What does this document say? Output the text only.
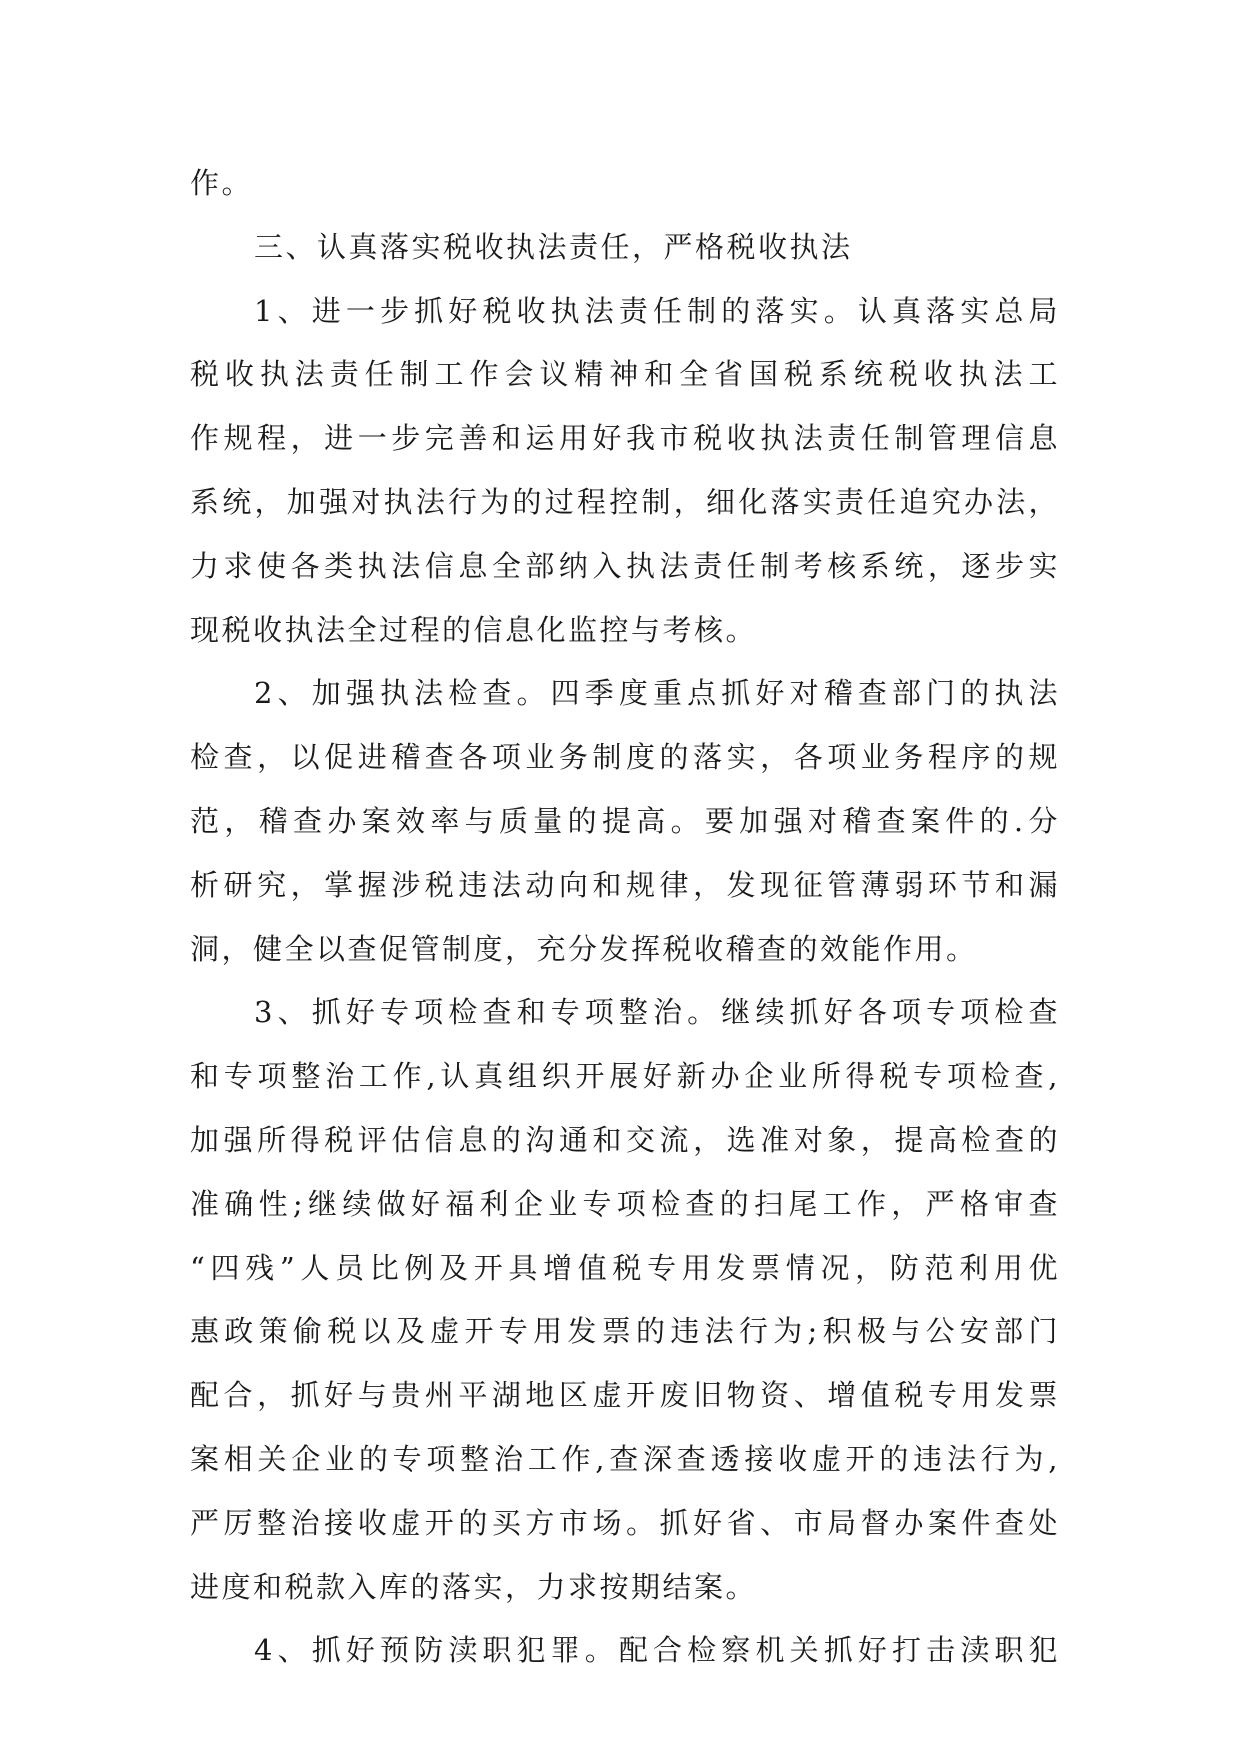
作。
三、认真落实税收执法责任，严格税收执法
1、进一步抓好税收执法责任制的落实。认真落实总局
税收执法责任制工作会议精神和全省国税系统税收执法工
作规程，进一步完善和运用好我市税收执法责任制管理信息
系统，加强对执法行为的过程控制，细化落实责任追究办法，
力求使各类执法信息全部纳入执法责任制考核系统，逐步实
现税收执法全过程的信息化监控与考核。
2、加强执法检查。四季度重点抓好对稽查部门的执法
检查，以促进稽查各项业务制度的落实，各项业务程序的规
范，稽查办案效率与质量的提高。要加强对稽查案件的.分
析研究，掌握涉税违法动向和规律，发现征管薄弱环节和漏
洞，健全以查促管制度，充分发挥税收稽查的效能作用。
3、抓好专项检查和专项整治。继续抓好各项专项检查
和专项整治工作,认真组织开展好新办企业所得税专项检查,
加强所得税评估信息的沟通和交流，选准对象，提高检查的
准确性;继续做好福利企业专项检查的扫尾工作，严格审查
“四残”人员比例及开具增值税专用发票情况，防范利用优
惠政策偷税以及虚开专用发票的违法行为;积极与公安部门
配合，抓好与贵州平湖地区虚开废旧物资、增值税专用发票
案相关企业的专项整治工作,查深查透接收虚开的违法行为,
严厉整治接收虚开的买方市场。抓好省、市局督办案件查处
进度和税款入库的落实，力求按期结案。
4、抓好预防渎职犯罪。配合检察机关抓好打击渎职犯
